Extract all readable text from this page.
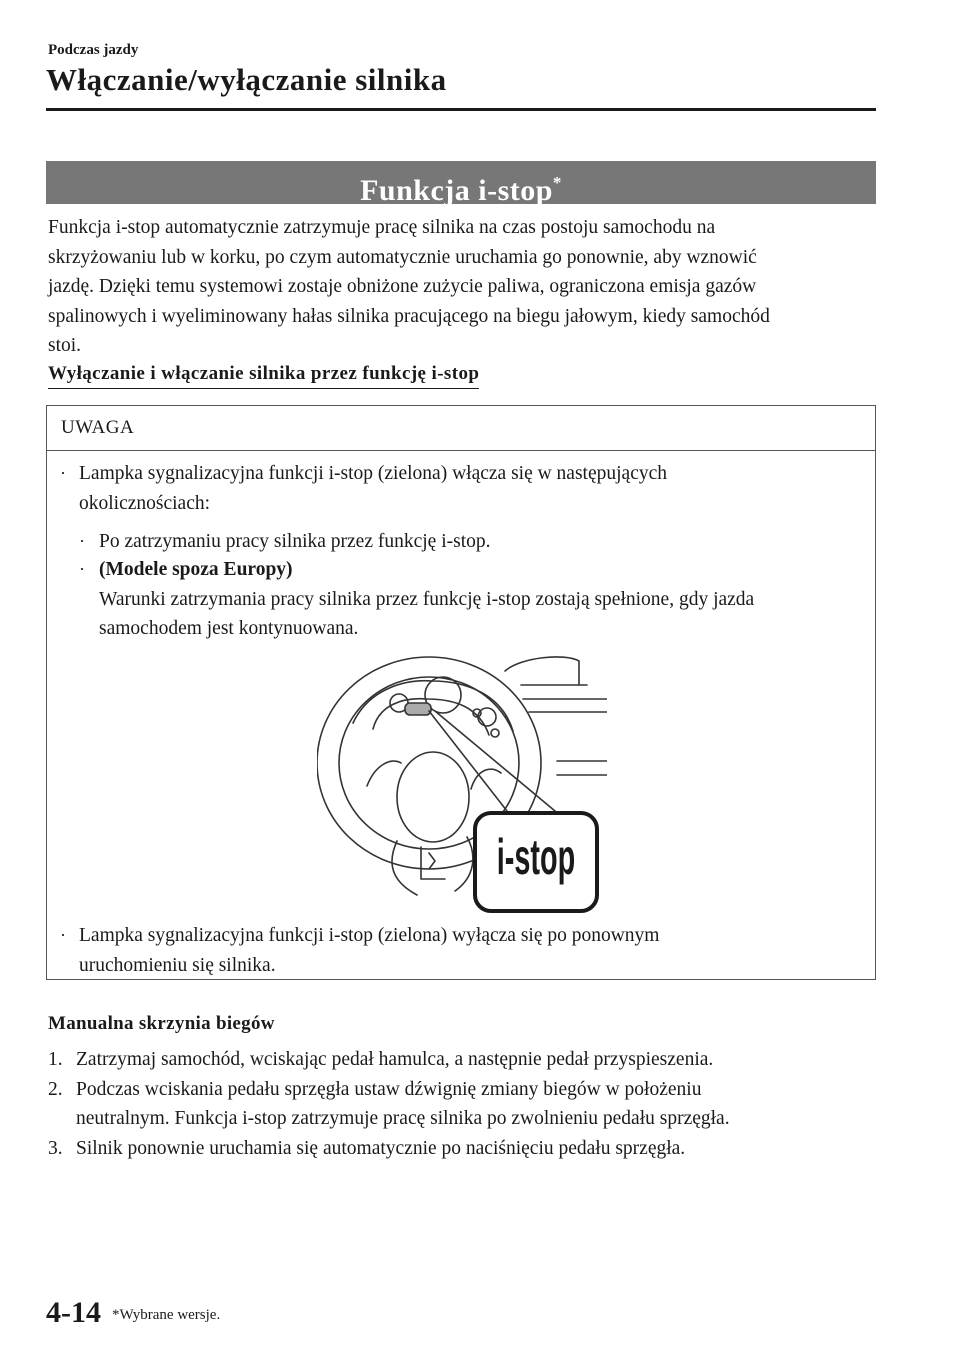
Podczas jazdy
Włączanie/wyłączanie silnika
Funkcja i-stop*
Funkcja i-stop automatycznie zatrzymuje pracę silnika na czas postoju samochodu na
skrzyżowaniu lub w korku, po czym automatycznie uruchamia go ponownie, aby wznowić
jazdę. Dzięki temu systemowi zostaje obniżone zużycie paliwa, ograniczona emisja gazów
spalinowych i wyeliminowany hałas silnika pracującego na biegu jałowym, kiedy samochód
stoi.
Wyłączanie i włączanie silnika przez funkcję i-stop
UWAGA
· Lampka sygnalizacyjna funkcji i-stop (zielona) włącza się w następujących
okolicznościach:
· Po zatrzymaniu pracy silnika przez funkcję i-stop.
· (Modele spoza Europy)
Warunki zatrzymania pracy silnika przez funkcję i-stop zostają spełnione, gdy jazda
samochodem jest kontynuowana.
i-stop
· Lampka sygnalizacyjna funkcji i-stop (zielona) wyłącza się po ponownym
uruchomieniu się silnika.
Manualna skrzynia biegów
1. Zatrzymaj samochód, wciskając pedał hamulca, a następnie pedał przyspieszenia.
2. Podczas wciskania pedału sprzęgła ustaw dźwignię zmiany biegów w położeniu
neutralnym. Funkcja i-stop zatrzymuje pracę silnika po zwolnieniu pedału sprzęgła.
3. Silnik ponownie uruchamia się automatycznie po naciśnięciu pedału sprzęgła.
4-14 *Wybrane wersje.
